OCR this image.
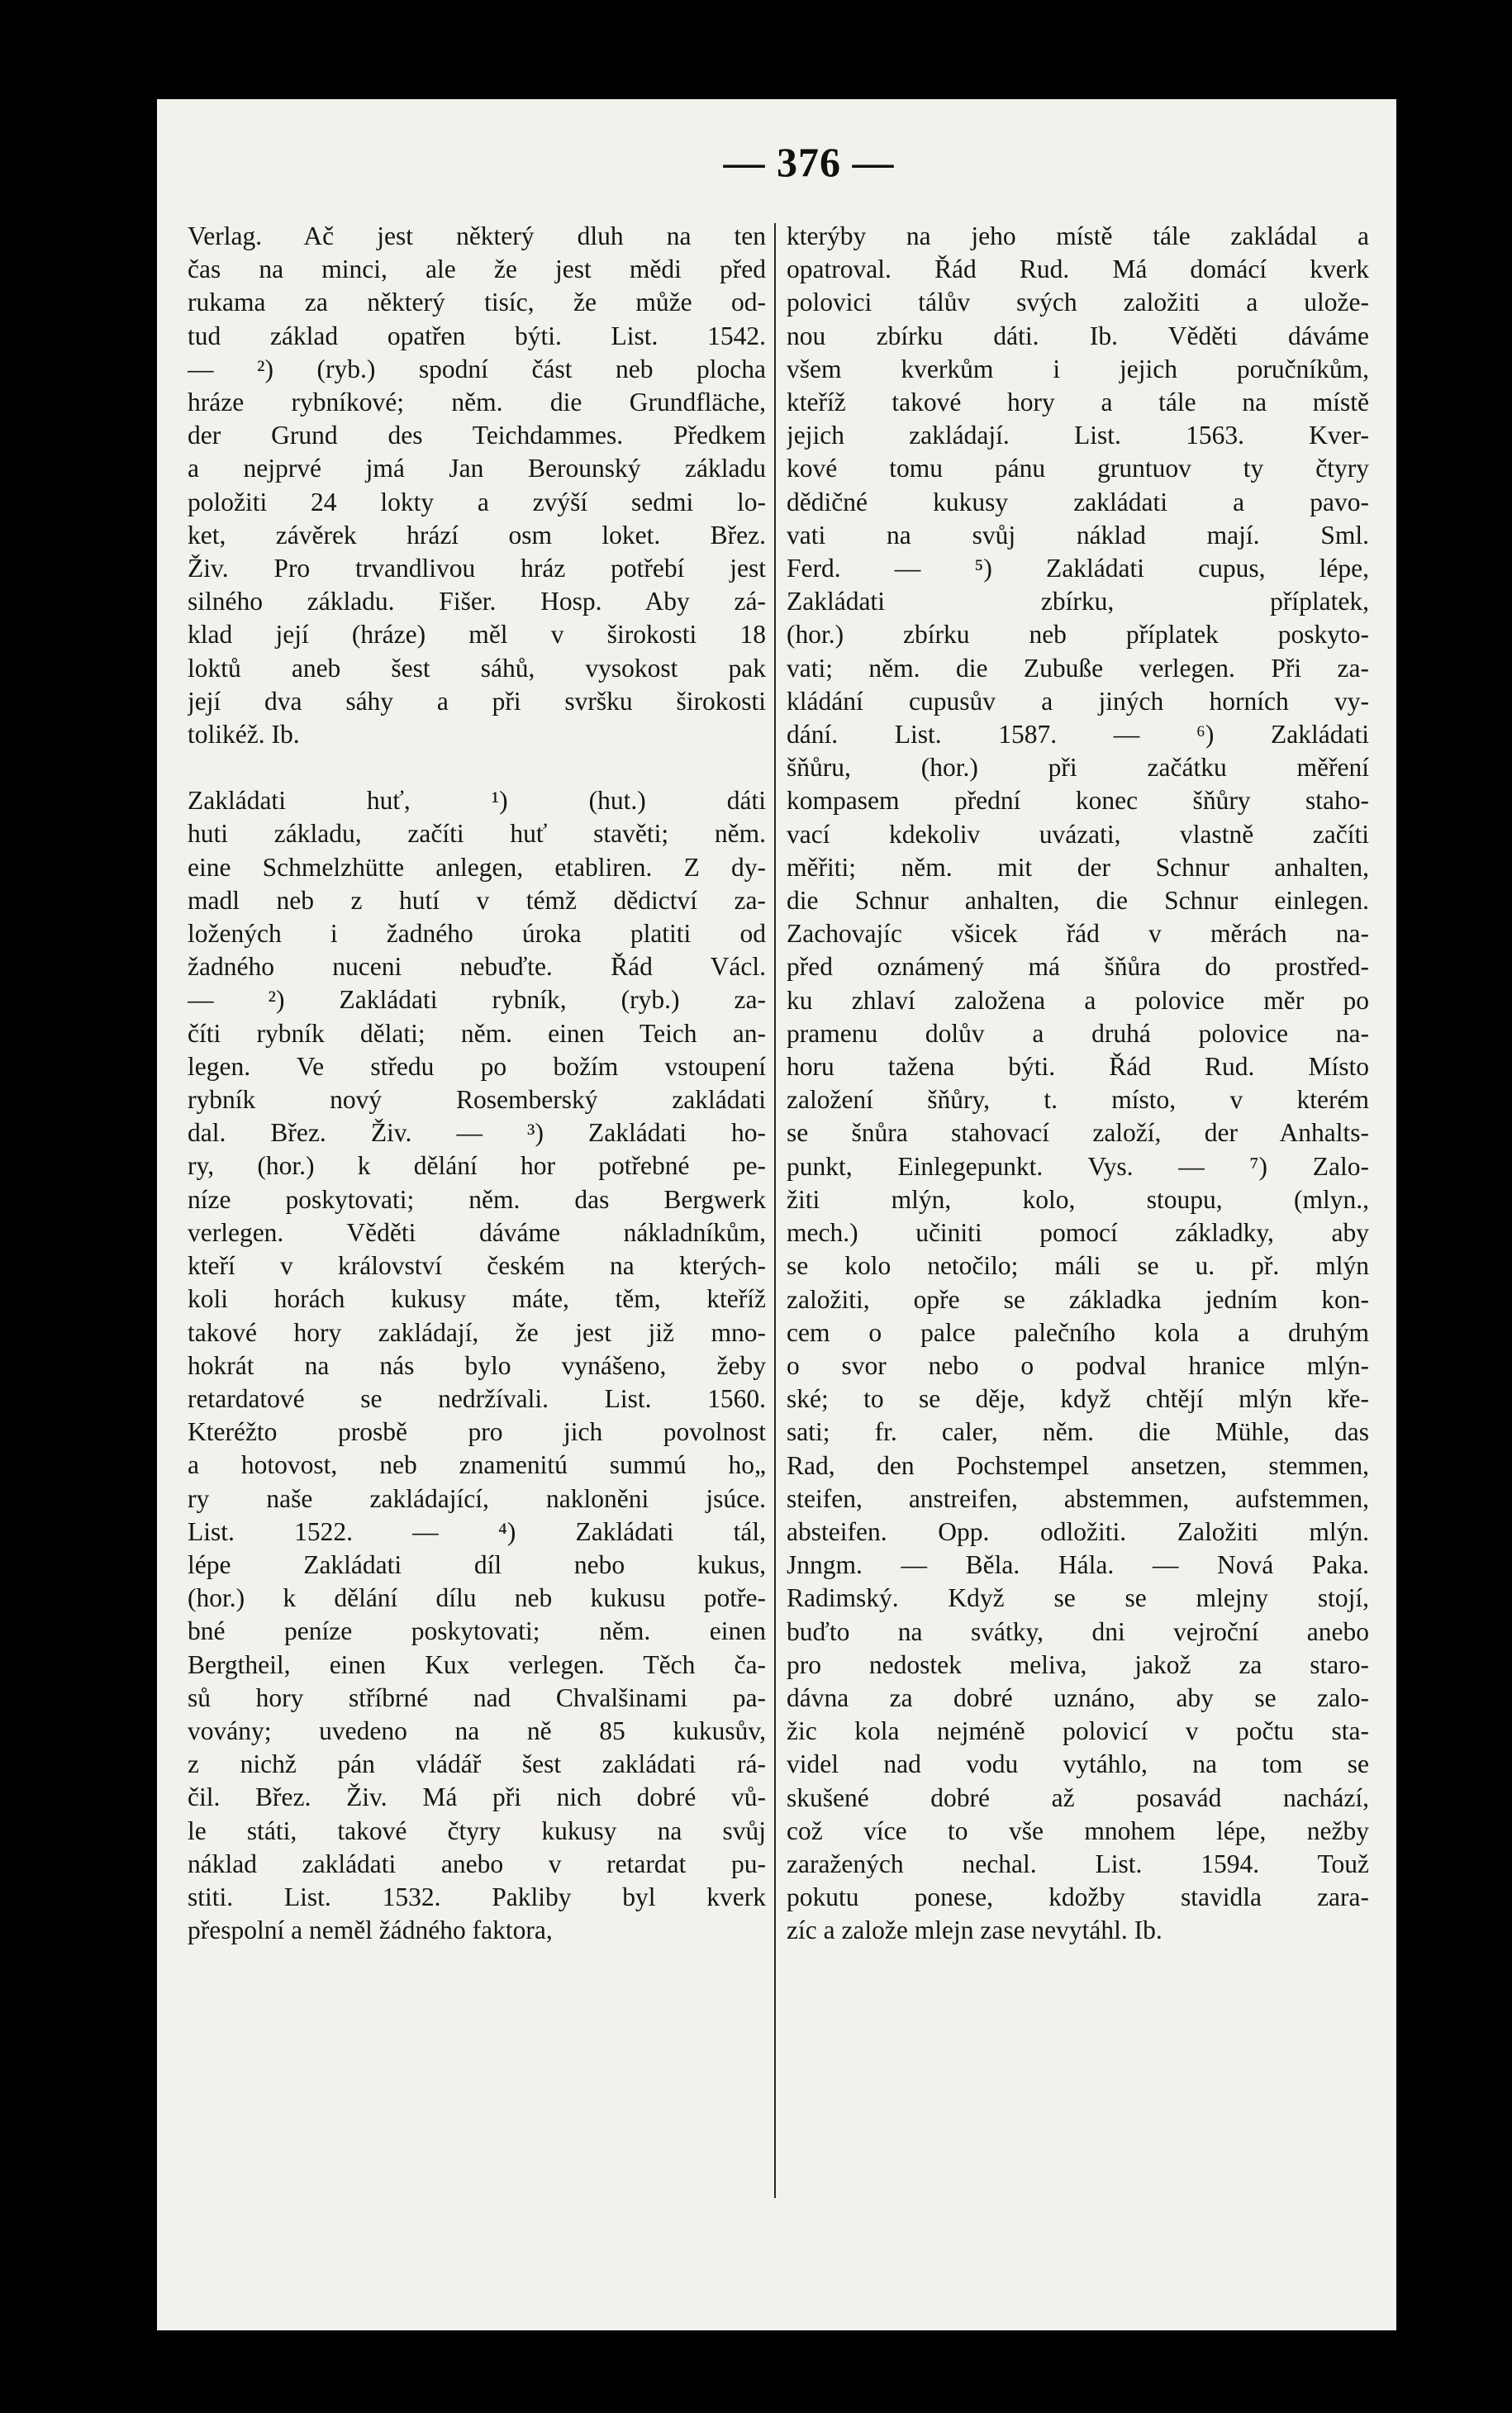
— 376 —
Verlag. Ač jest některý dluh na ten
čas na minci, ale že jest mědi před
rukama za některý tisíc, že může od-
tud základ opatřen býti. List. 1542.
— ²) (ryb.) spodní část neb plocha
hráze rybníkové; něm. die Grundfläche,
der Grund des Teichdammes. Předkem
a nejprvé jmá Jan Berounský základu
položiti 24 lokty a zvýší sedmi lo-
ket, závěrek hrází osm loket. Břez.
Živ. Pro trvandlivou hráz potřebí jest
silného základu. Fišer. Hosp. Aby zá-
klad její (hráze) měl v širokosti 18
loktů aneb šest sáhů, vysokost pak
její dva sáhy a při svršku širokosti
tolikéž. Ib.
Zakládati huť, ¹) (hut.) dáti
huti základu, začíti huť stavěti; něm.
eine Schmelzhütte anlegen, etabliren. Z dy-
madl neb z hutí v témž dědictví za-
ložených i žadného úroka platiti od
žadného nuceni nebuďte. Řád Václ.
— ²) Zakládati rybník, (ryb.) za-
číti rybník dělati; něm. einen Teich an-
legen. Ve středu po božím vstoupení
rybník nový Rosemberský zakládati
dal. Břez. Živ. — ³) Zakládati ho-
ry, (hor.) k dělání hor potřebné pe-
níze poskytovati; něm. das Bergwerk
verlegen. Věděti dáváme nákladníkům,
kteří v království českém na kterých-
koli horách kukusy máte, těm, kteříž
takové hory zakládají, že jest již mno-
hokrát na nás bylo vynášeno, žeby
retardatové se nedržívali. List. 1560.
Kteréžto prosbě pro jich povolnost
a hotovost, neb znamenitú summú ho„
ry naše zakládající, nakloněni jsúce.
List. 1522. — ⁴) Zakládati tál,
lépe Zakládati díl nebo kukus,
(hor.) k dělání dílu neb kukusu potře-
bné peníze poskytovati; něm. einen
Bergtheil, einen Kux verlegen. Těch ča-
sů hory stříbrné nad Chvalšinami pa-
vovány; uvedeno na ně 85 kukusův,
z nichž pán vládář šest zakládati rá-
čil. Břez. Živ. Má při nich dobré vů-
le státi, takové čtyry kukusy na svůj
náklad zakládati anebo v retardat pu-
stiti. List. 1532. Pakliby byl kverk
přespolní a neměl žádného faktora,
kterýby na jeho místě tále zakládal a
opatroval. Řád Rud. Má domácí kverk
polovici tálův svých založiti a ulože-
nou zbírku dáti. Ib. Věděti dáváme
všem kverkům i jejich poručníkům,
kteříž takové hory a tále na místě
jejich zakládají. List. 1563. Kver-
kové tomu pánu gruntuov ty čtyry
dědičné kukusy zakládati a pavo-
vati na svůj náklad mají. Sml.
Ferd. — ⁵) Zakládati cupus, lépe,
Zakládati zbírku, příplatek,
(hor.) zbírku neb příplatek poskyto-
vati; něm. die Zubuße verlegen. Při za-
kládání cupusův a jiných horních vy-
dání. List. 1587. — ⁶) Zakládati
šňůru, (hor.) při začátku měření
kompasem přední konec šňůry staho-
vací kdekoliv uvázati, vlastně začíti
měřiti; něm. mit der Schnur anhalten,
die Schnur anhalten, die Schnur einlegen.
Zachovajíc všicek řád v měrách na-
před oznámený má šňůra do prostřed-
ku zhlaví založena a polovice měr po
pramenu dolův a druhá polovice na-
horu tažena býti. Řád Rud. Místo
založení šňůry, t. místo, v kterém
se šnůra stahovací založí, der Anhalts-
punkt, Einlegepunkt. Vys. — ⁷) Zalo-
žiti mlýn, kolo, stoupu, (mlyn.,
mech.) učiniti pomocí základky, aby
se kolo netočilo; máli se u. př. mlýn
založiti, opře se základka jedním kon-
cem o palce palečního kola a druhým
o svor nebo o podval hranice mlýn-
ské; to se děje, když chtějí mlýn kře-
sati; fr. caler, něm. die Mühle, das
Rad, den Pochstempel ansetzen, stemmen,
steifen, anstreifen, abstemmen, aufstemmen,
absteifen. Opp. odložiti. Založiti mlýn.
Jnngm. — Běla. Hála. — Nová Paka.
Radimský. Když se se mlejny stojí,
buďto na svátky, dni vejroční anebo
pro nedostek meliva, jakož za staro-
dávna za dobré uznáno, aby se zalo-
žic kola nejméně polovicí v počtu sta-
videl nad vodu vytáhlo, na tom se
skušené dobré až posavád nachází,
což více to vše mnohem lépe, nežby
zaražených nechal. List. 1594. Touž
pokutu ponese, kdožby stavidla zara-
zíc a založe mlejn zase nevytáhl. Ib.
